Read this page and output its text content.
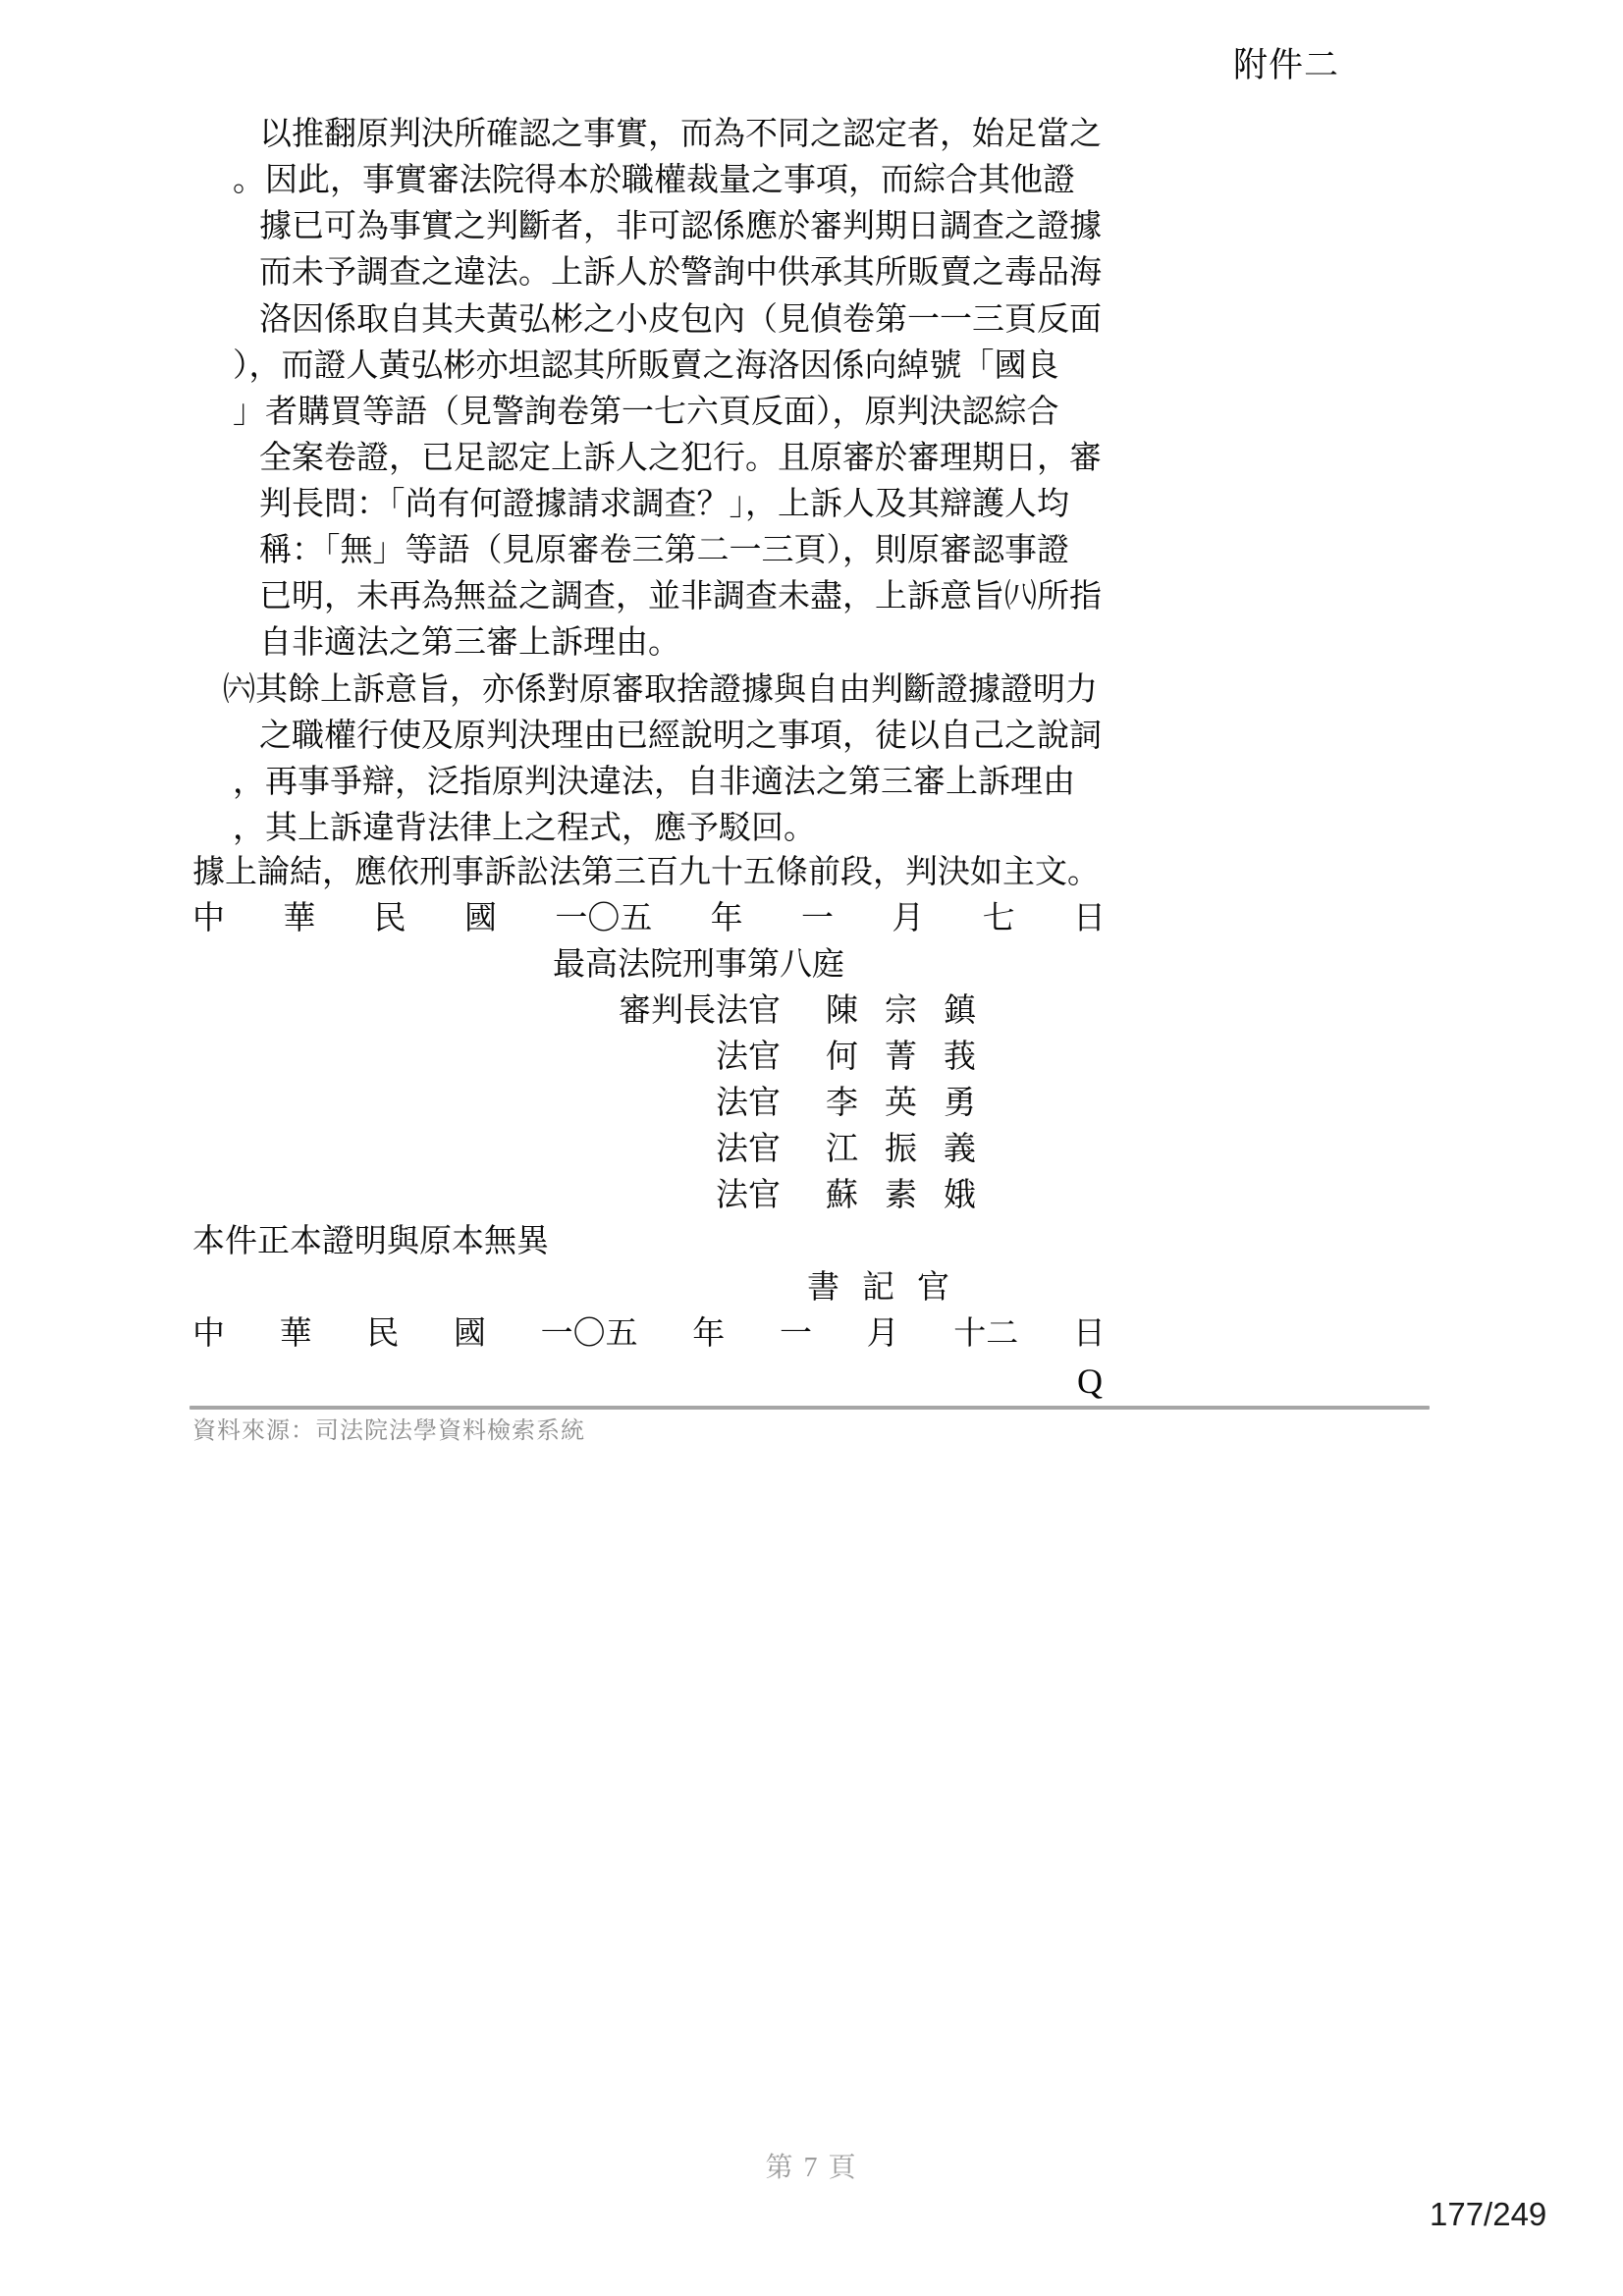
附件二
以推翻原判決所確認之事實，而為不同之認定者，始足當之
。因此，事實審法院得本於職權裁量之事項，而綜合其他證
據已可為事實之判斷者，非可認係應於審判期日調查之證據
而未予調查之違法。上訴人於警詢中供承其所販賣之毒品海
洛因係取自其夫黃弘彬之小皮包內（見偵卷第一一三頁反面
），而證人黃弘彬亦坦認其所販賣之海洛因係向綽號「國良
」者購買等語（見警詢卷第一七六頁反面），原判決認綜合
全案卷證，已足認定上訴人之犯行。且原審於審理期日，審
判長問：「尚有何證據請求調查？」，上訴人及其辯護人均
稱：「無」等語（見原審卷三第二一三頁），則原審認事證
已明，未再為無益之調查，並非調查未盡，上訴意旨㈧所指
自非適法之第三審上訴理由。
㈥其餘上訴意旨，亦係對原審取捨證據與自由判斷證據證明力
之職權行使及原判決理由已經說明之事項，徒以自己之說詞
，再事爭辯，泛指原判決違法，自非適法之第三審上訴理由
，其上訴違背法律上之程式，應予駁回。
據上論結，應依刑事訴訟法第三百九十五條前段，判決如主文。
中 華 民 國 一〇五 年 一 月 七 日
最高法院刑事第八庭
審判長法官 陳宗鎮
法官 何菁莪
法官 李英勇
法官 江振義
法官 蘇素娥
本件正本證明與原本無異
書記官
中 華 民 國 一〇五 年 一 月 十二 日
Q
資料來源：司法院法學資料檢索系統
第 7 頁
177/249
